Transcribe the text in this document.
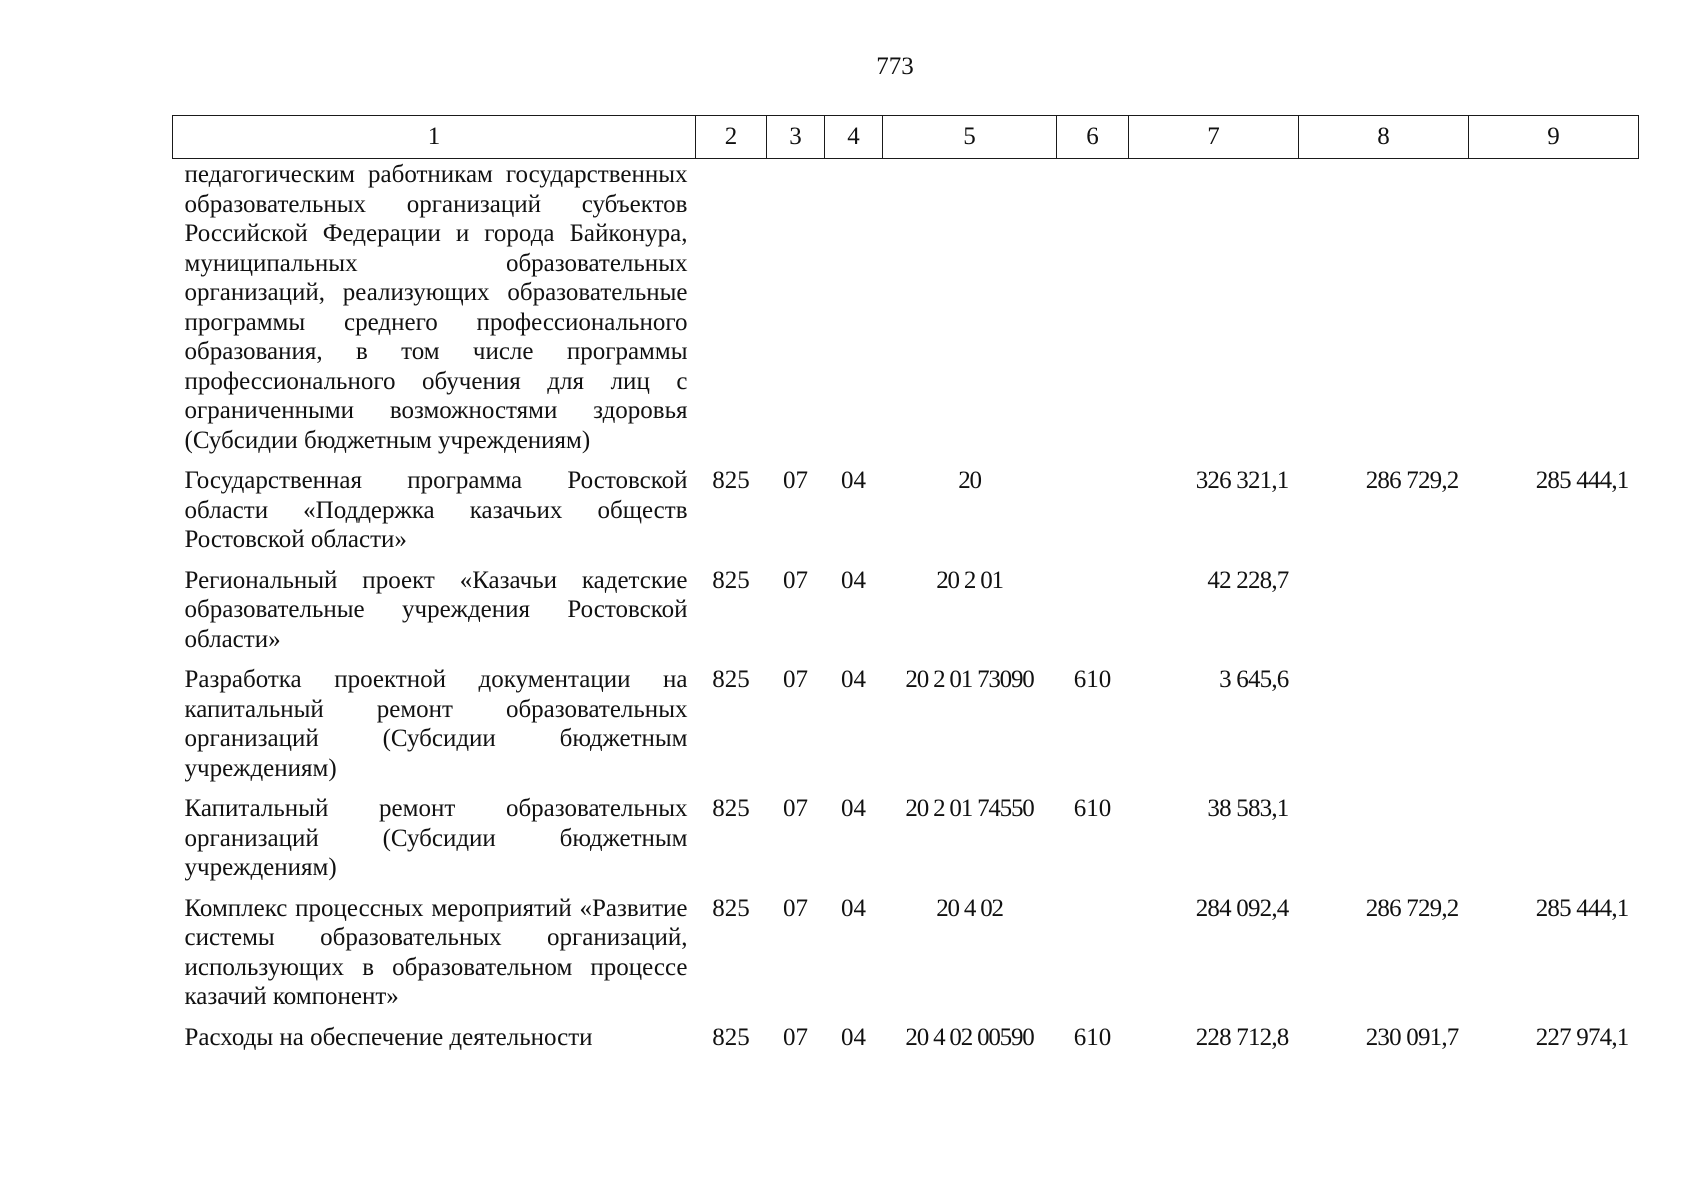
773
1	2	3	4	5	6	7	8	9
педагогическим работникам государственных образовательных организаций субъектов Российской Федерации и города Байконура, муниципальных образовательных организаций, реализующих образовательные программы среднего профессионального образования, в том числе программы профессионального обучения для лиц с ограниченными возможностями здоровья (Субсидии бюджетным учреждениям)								
Государственная программа Ростовской области «Поддержка казачьих обществ Ростовской области»	825	07	04	20		326 321,1	286 729,2	285 444,1
Региональный проект «Казачьи кадетские образовательные учреждения Ростовской области»	825	07	04	20 2 01		42 228,7		
Разработка проектной документации на капитальный ремонт образовательных организаций (Субсидии бюджетным учреждениям)	825	07	04	20 2 01 73090	610	3 645,6		
Капитальный ремонт образовательных организаций (Субсидии бюджетным учреждениям)	825	07	04	20 2 01 74550	610	38 583,1		
Комплекс процессных мероприятий «Развитие системы образовательных организаций, использующих в образовательном процессе казачий компонент»	825	07	04	20 4 02		284 092,4	286 729,2	285 444,1
Расходы на обеспечение деятельности	825	07	04	20 4 02 00590	610	228 712,8	230 091,7	227 974,1
